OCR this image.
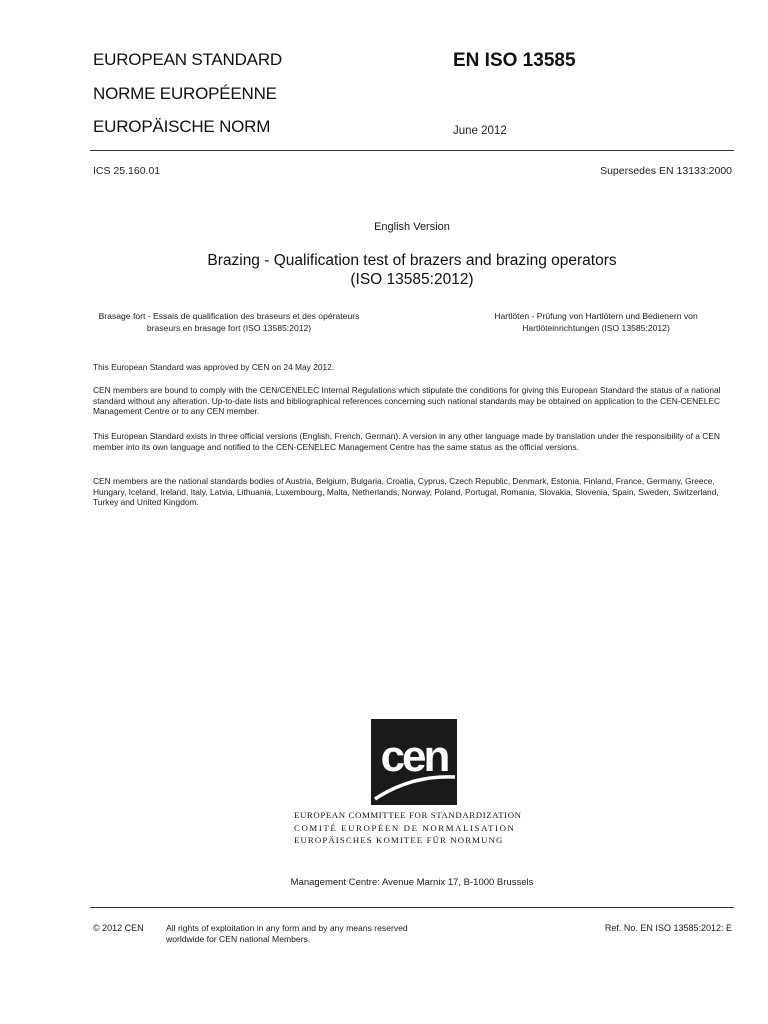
EUROPEAN STANDARD
NORME EUROPÉENNE
EUROPÄISCHE NORM
EN ISO 13585
June 2012
ICS 25.160.01	Supersedes EN 13133:2000
English Version
Brazing - Qualification test of brazers and brazing operators
(ISO 13585:2012)
Brasage fort - Essais de qualification des braseurs et des opérateurs braseurs en brasage fort (ISO 13585:2012)
Hartlöten - Prüfung von Hartlötern und Bedienern von Hartlöteinrichtungen (ISO 13585:2012)

This European Standard was approved by CEN on 24 May 2012.

CEN members are bound to comply with the CEN/CENELEC Internal Regulations which stipulate the conditions for giving this European Standard the status of a national standard without any alteration. Up-to-date lists and bibliographical references concerning such national standards may be obtained on application to the CEN-CENELEC Management Centre or to any CEN member.

This European Standard exists in three official versions (English, French, German). A version in any other language made by translation under the responsibility of a CEN member into its own language and notified to the CEN-CENELEC Management Centre has the same status as the official versions.

CEN members are the national standards bodies of Austria, Belgium, Bulgaria, Croatia, Cyprus, Czech Republic, Denmark, Estonia, Finland, France, Germany, Greece, Hungary, Iceland, Ireland, Italy, Latvia, Lithuania, Luxembourg, Malta, Netherlands, Norway, Poland, Portugal, Romania, Slovakia, Slovenia, Spain, Sweden, Switzerland, Turkey and United Kingdom.

cen
EUROPEAN COMMITTEE FOR STANDARDIZATION
COMITÉ EUROPÉEN DE NORMALISATION
EUROPÄISCHES KOMITEE FÜR NORMUNG
Management Centre: Avenue Marnix 17, B-1000 Brussels
© 2012 CEN	All rights of exploitation in any form and by any means reserved
worldwide for CEN national Members.
Ref. No. EN ISO 13585:2012: E
